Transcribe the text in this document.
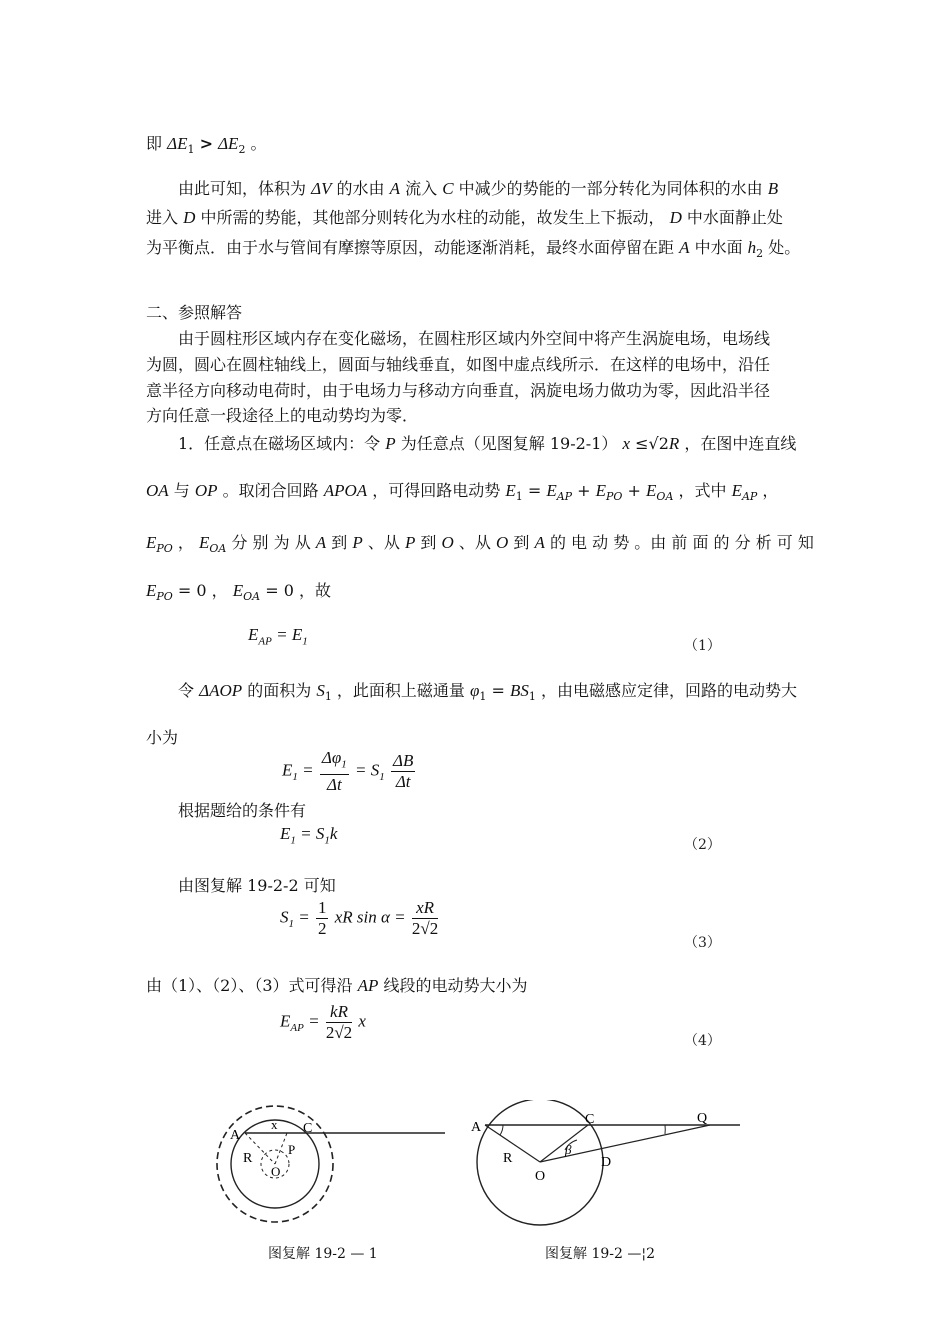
即 $\Delta E_1 > \Delta E_2$ 。
由此可知，体积为 ΔV 的水由 A 流入 C 中减少的势能的一部分转化为同体积的水由 B
进入 D 中所需的势能，其他部分则转化为水柱的动能，故发生上下振动， D 中水面静止处
为平衡点．由于水与管间有摩擦等原因，动能逐渐消耗，最终水面停留在距 A 中水面 $h_2$ 处。
二、参照解答
由于圆柱形区域内存在变化磁场，在圆柱形区域内外空间中将产生涡旋电场，电场线
为圆，圆心在圆柱轴线上，圆面与轴线垂直，如图中虚点线所示．在这样的电场中，沿任
意半径方向移动电荷时，由于电场力与移动方向垂直，涡旋电场力做功为零，因此沿半径
方向任意一段途径上的电动势均为零．
1．任意点在磁场区域内：令 P 为任意点（见图复解 19-2-1） x ≤√2R ，在图中连直线
OA 与 OP 。取闭合回路 APOA ，可得回路电动势 $E_1 = E_{AP} + E_{PO} + E_{OA}$ ，式中 $E_{AP}$ ，
$E_{PO}$ ， $E_{OA}$ 分 别 为 从 A 到 P 、从 P 到 O 、从 O 到 A 的 电 动 势 。由 前 面 的 分 析 可 知
$E_{PO} = 0$ ， $E_{OA} = 0$ ，故
$E_{AP} = E_1$	（1）
令 ΔAOP 的面积为 $S_1$ ，此面积上磁通量 $\varphi_1 = BS_1$ ，由电磁感应定律，回路的电动势大
小为
$E_1 = \frac{\Delta\varphi_1}{\Delta t} = S_1 \frac{\Delta B}{\Delta t}$
根据题给的条件有
$E_1 = S_1k$
（2）
由图复解 19-2-2 可知
$S_1 = \frac{1}{2}$ xR $\sin \alpha = \frac{xR}{2√2}$
（3）
由（1）、（2）、（3）式可得沿 AP 线段的电动势大小为
$E_{AP} = \frac{kR}{2√2}$ x
（4）
A
x C
R
P
O
图复解 19-2 — 1
A
C	Q
R
β
O
D
图复解 19-2 —¦2
